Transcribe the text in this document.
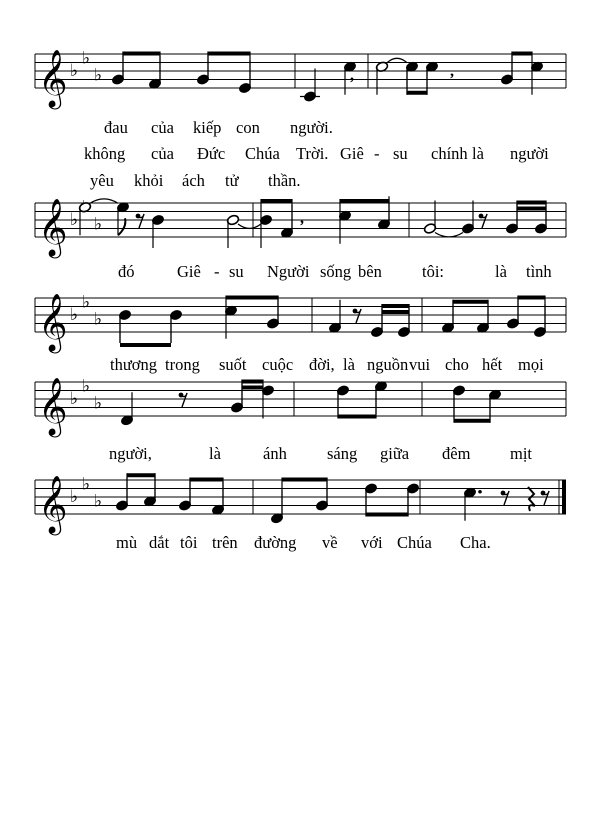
𝄞 ♭
♭
♭	,	,
đau của kiếp con người.
không của Đức Chúa Trời. Giê - su chính là người
yêu khỏi ách tử thần.
𝄞 ♭ ♭	,
đó	Giê - su Người sống bên tôi:	là tình
𝄞 ♭
♭
♭
thương trong suốt cuộc đời, là nguồn vui cho hết mọi
𝄞 ♭
♭
♭
người,	là	ánh sáng giữa đêm mịt
𝄞 ♭
♭
♭
mù dắt tôi trên đường về với Chúa Cha.
